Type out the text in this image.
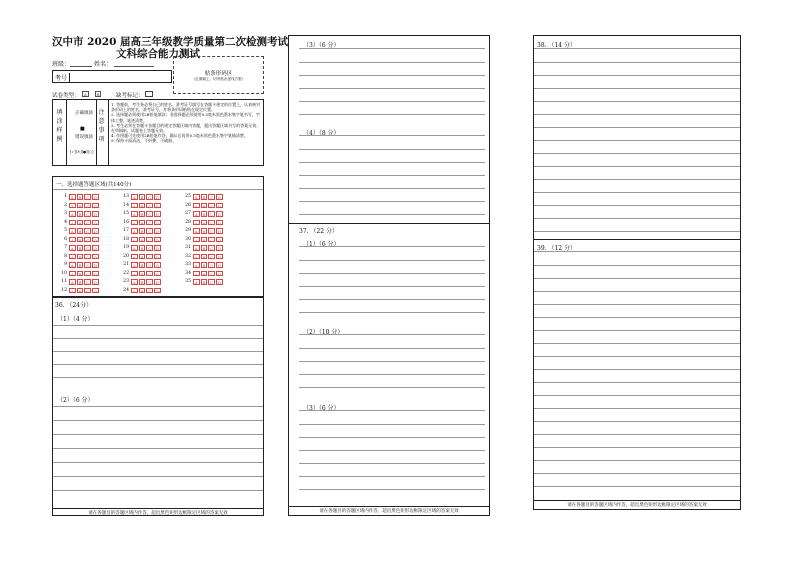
汉中市 2020 届高三年级教学质量第二次检测考试
文科综合能力测试
班级：	姓名：
考号
贴条形码区
（正面朝上，切勿贴出虚线方框）
试卷类型：	A B	缺考标记：
填
涂
样
例
正确填涂
■
错误填涂
[✓][✗][●][○]
注
意
事
项
1. 答题前，考生务必将自己的姓名、准考证号填写在答题卡规定的位置上，认真核对条形码上的姓名、准考证号，并将条形码粘贴在规定位置。
2. 选择题必须使用2B铅笔填涂；非选择题必须使用0.5毫米黑色墨水签字笔书写，字体工整，笔迹清楚。
3. 考生必须在答题卡各题目的规定答题区域内答题，超出答题区域书写的答案无效；在草稿纸、试题卷上答题无效。
4. 作图题可先使用2B铅笔作答，确认后再用0.5毫米黑色墨水签字笔描清楚。
5. 保持卡面清洁，不折叠、不破损。
一、选择题答题区域(共140分)
1 A B C D
2 A B C D
3 A B C D
4 A B C D
5 A B C D
6 A B C D
7 A B C D
8 A B C D
9 A B C D
10 A B C D
11 A B C D
12 A B C D
13 A B C D
14 A B C D
15 A B C D
16 A B C D
17 A B C D
18 A B C D
19 A B C D
20 A B C D
21 A B C D
22 A B C D
23 A B C D
24 A B C D
25 A B C D
26 A B C D
27 A B C D
28 A B C D
29 A B C D
30 A B C D
31 A B C D
32 A B C D
33 A B C D
34 A B C D
35 A B C D
36. （24分）
（1）（4 分）
（2）（6 分）
请在各题目的答题区域内作答，超出黑色矩形边框限定区域的答案无效
（3）（6 分）
（4）（8 分）
37. （22 分）
（1）（6 分）
（2）（10 分）
（3）（6 分）
请在各题目的答题区域内作答，超出黑色矩形边框限定区域的答案无效
38. （14 分）
39. （12 分）
请在各题目的答题区域内作答，超出黑色矩形边框限定区域的答案无效
